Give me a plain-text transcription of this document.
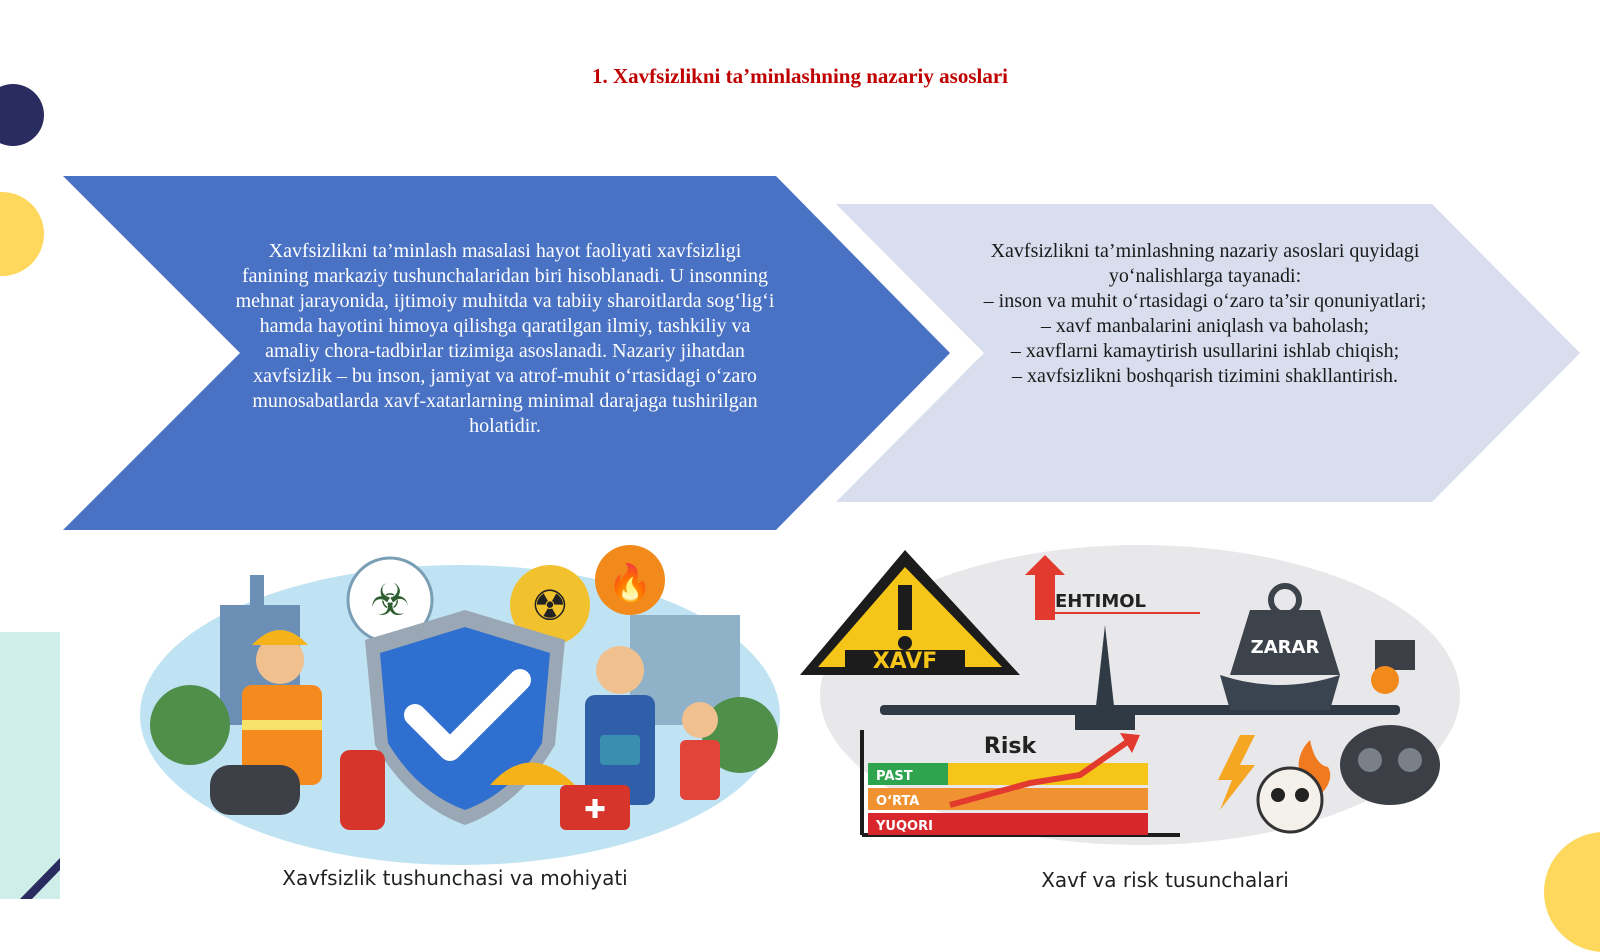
1. Xavfsizlikni ta’minlashning nazariy asoslari
Xavfsizlikni ta’minlash masalasi hayot faoliyati xavfsizligi fanining markaziy tushunchalaridan biri hisoblanadi. U insonning mehnat jarayonida, ijtimoiy muhitda va tabiiy sharoitlarda sog‘lig‘i hamda hayotini himoya qilishga qaratilgan ilmiy, tashkiliy va amaliy chora-tadbirlar tizimiga asoslanadi. Nazariy jihatdan xavfsizlik – bu inson, jamiyat va atrof-muhit o‘rtasidagi o‘zaro munosabatlarda xavf-xatarlarning minimal darajaga tushirilgan holatidir.
Xavfsizlikni ta’minlashning nazariy asoslari quyidagi yo‘nalishlarga tayanadi:
– inson va muhit o‘rtasidagi o‘zaro ta’sir qonuniyatlari;
– xavf manbalarini aniqlash va baholash;
– xavflarni kamaytirish usullarini ishlab chiqish;
– xavfsizlikni boshqarish tizimini shakllantirish.
☣	☢
🔥
✚
Xavfsizlik tushunchasi va mohiyati
XAVF
EHTIMOL
ZARAR
Risk
PAST
O‘RTA
YUQORI
Xavf va risk tusunchalari
